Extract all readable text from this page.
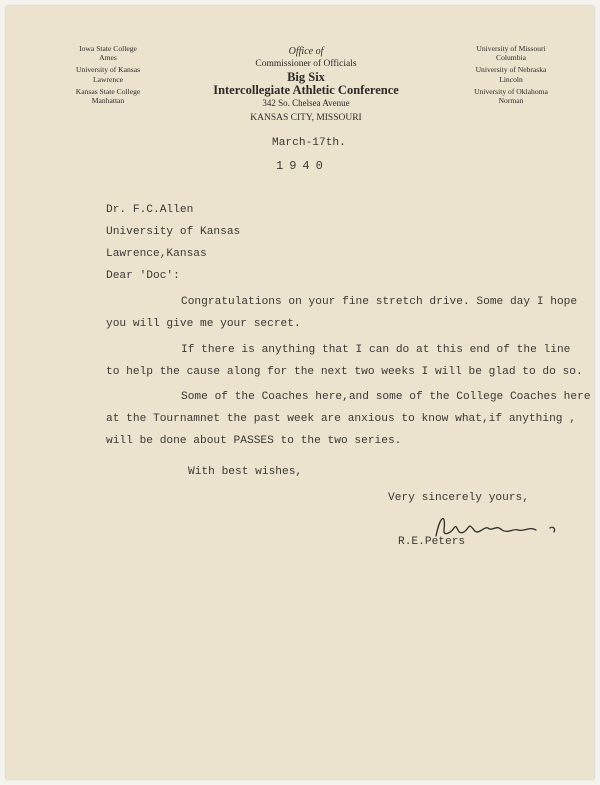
Iowa State College
Ames
University of Kansas
Lawrence
Kansas State College
Manhattan
Office of
Commissioner of Officials
Big Six
Intercollegiate Athletic Conference
342 So. Chelsea Avenue
KANSAS CITY, MISSOURI
University of Missouri
Columbia
University of Nebraska
Lincoln
University of Oklahoma
Norman
March-17th.
1940
Dr. F.C.Allen
University of Kansas
Lawrence,Kansas
Dear 'Doc':
Congratulations on your fine stretch drive. Some day I hope
you will give me your secret.
If there is anything that I can do at this end of the line
to help the cause along for the next two weeks I will be glad to do so.
Some of the Coaches here,and some of the College Coaches here
at the Tournamnet the past week are anxious to know what,if anything ,
will be done about PASSES to the two series.
With best wishes,
Very sincerely yours,
R.E.Peters
